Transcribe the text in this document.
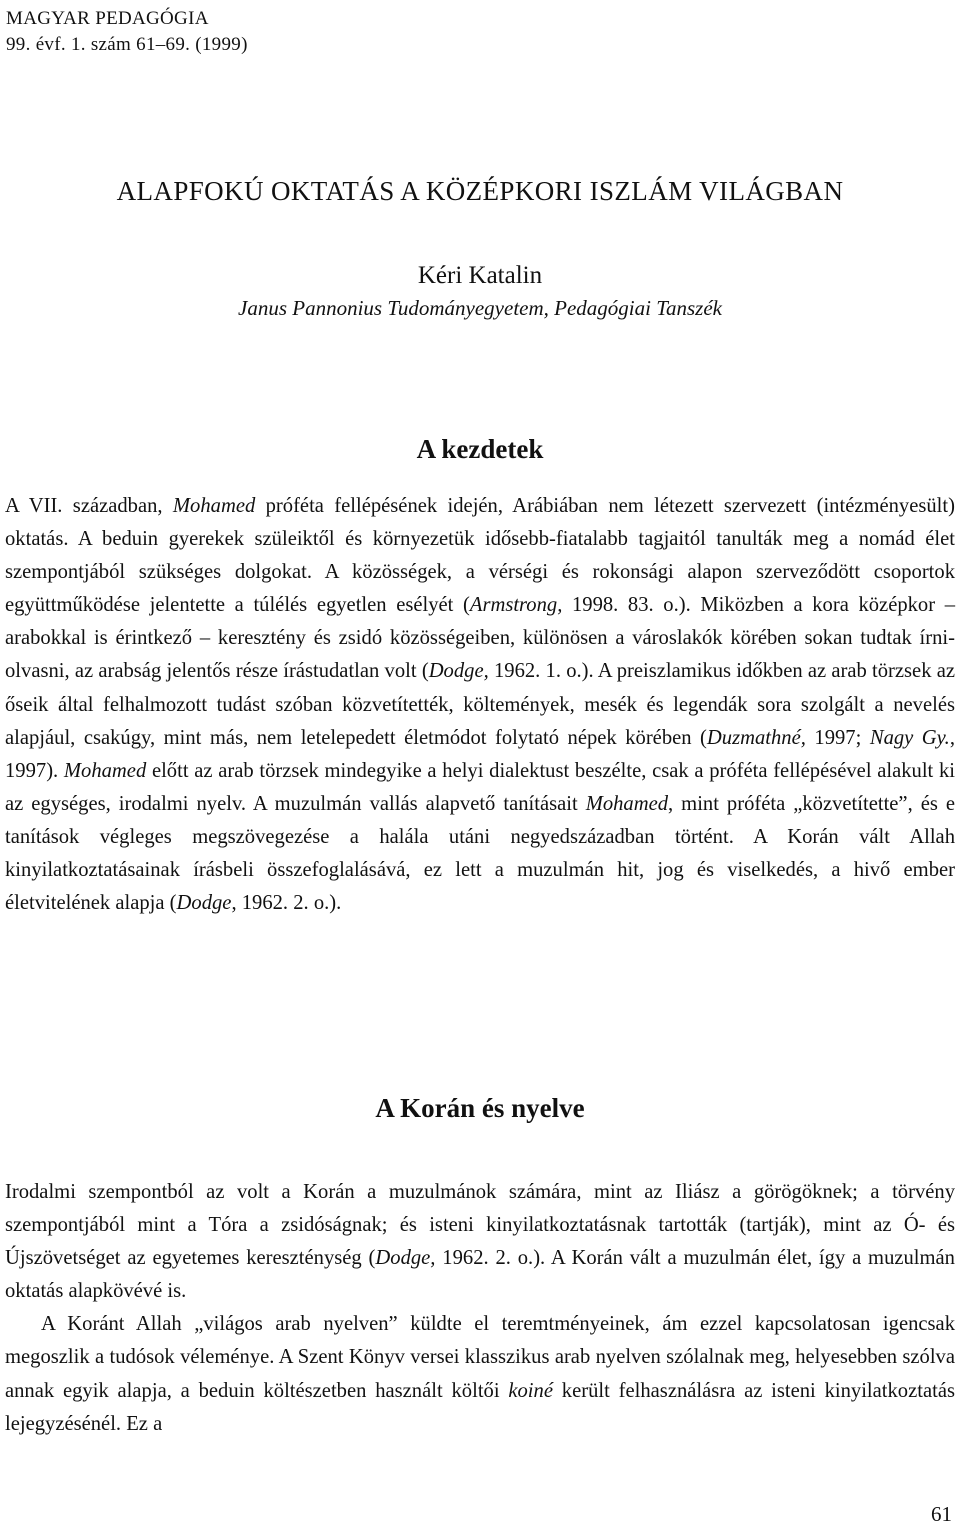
MAGYAR PEDAGÓGIA
99. évf. 1. szám 61–69. (1999)
ALAPFOKÚ OKTATÁS A KÖZÉPKORI ISZLÁM VILÁGBAN
Kéri Katalin
Janus Pannonius Tudományegyetem, Pedagógiai Tanszék
A kezdetek

A VII. században, Mohamed próféta fellépésének idején, Arábiában nem létezett szervezett (intézményesült) oktatás. A beduin gyerekek szüleiktől és környezetük idősebb-fiatalabb tagjaitól tanulták meg a nomád élet szempontjából szükséges dolgokat. A közösségek, a vérségi és rokonsági alapon szerveződött csoportok együttműködése jelentette a túlélés egyetlen esélyét (Armstrong, 1998. 83. o.). Miközben a kora középkor – arabokkal is érintkező – keresztény és zsidó közösségeiben, különösen a városlakók körében sokan tudtak írni-olvasni, az arabság jelentős része írástudatlan volt (Dodge, 1962. 1. o.). A preiszlamikus időkben az arab törzsek az őseik által felhalmozott tudást szóban közvetítették, költemények, mesék és legendák sora szolgált a nevelés alapjául, csakúgy, mint más, nem letelepedett életmódot folytató népek körében (Duzmathné, 1997; Nagy Gy., 1997). Mohamed előtt az arab törzsek mindegyike a helyi dialektust beszélte, csak a próféta fellépésével alakult ki az egységes, irodalmi nyelv. A muzulmán vallás alapvető tanításait Mohamed, mint próféta „közvetítette”, és e tanítások végleges megszövegezése a halála utáni negyedszázadban történt. A Korán vált Allah kinyilatkoztatásainak írásbeli összefoglalásává, ez lett a muzulmán hit, jog és viselkedés, a hivő ember életvitelének alapja (Dodge, 1962. 2. o.).

A Korán és nyelve

Irodalmi szempontból az volt a Korán a muzulmánok számára, mint az Iliász a görögöknek; a törvény szempontjából mint a Tóra a zsidóságnak; és isteni kinyilatkoztatásnak tartották (tartják), mint az Ó- és Újszövetséget az egyetemes kereszténység (Dodge, 1962. 2. o.). A Korán vált a muzulmán élet, így a muzulmán oktatás alapkövévé is.

A Koránt Allah „világos arab nyelven” küldte el teremtményeinek, ám ezzel kapcsolatosan igencsak megoszlik a tudósok véleménye. A Szent Könyv versei klasszikus arab nyelven szólalnak meg, helyesebben szólva annak egyik alapja, a beduin költészetben használt költői koiné került felhasználásra az isteni kinyilatkoztatás lejegyzésénél. Ez a

61
